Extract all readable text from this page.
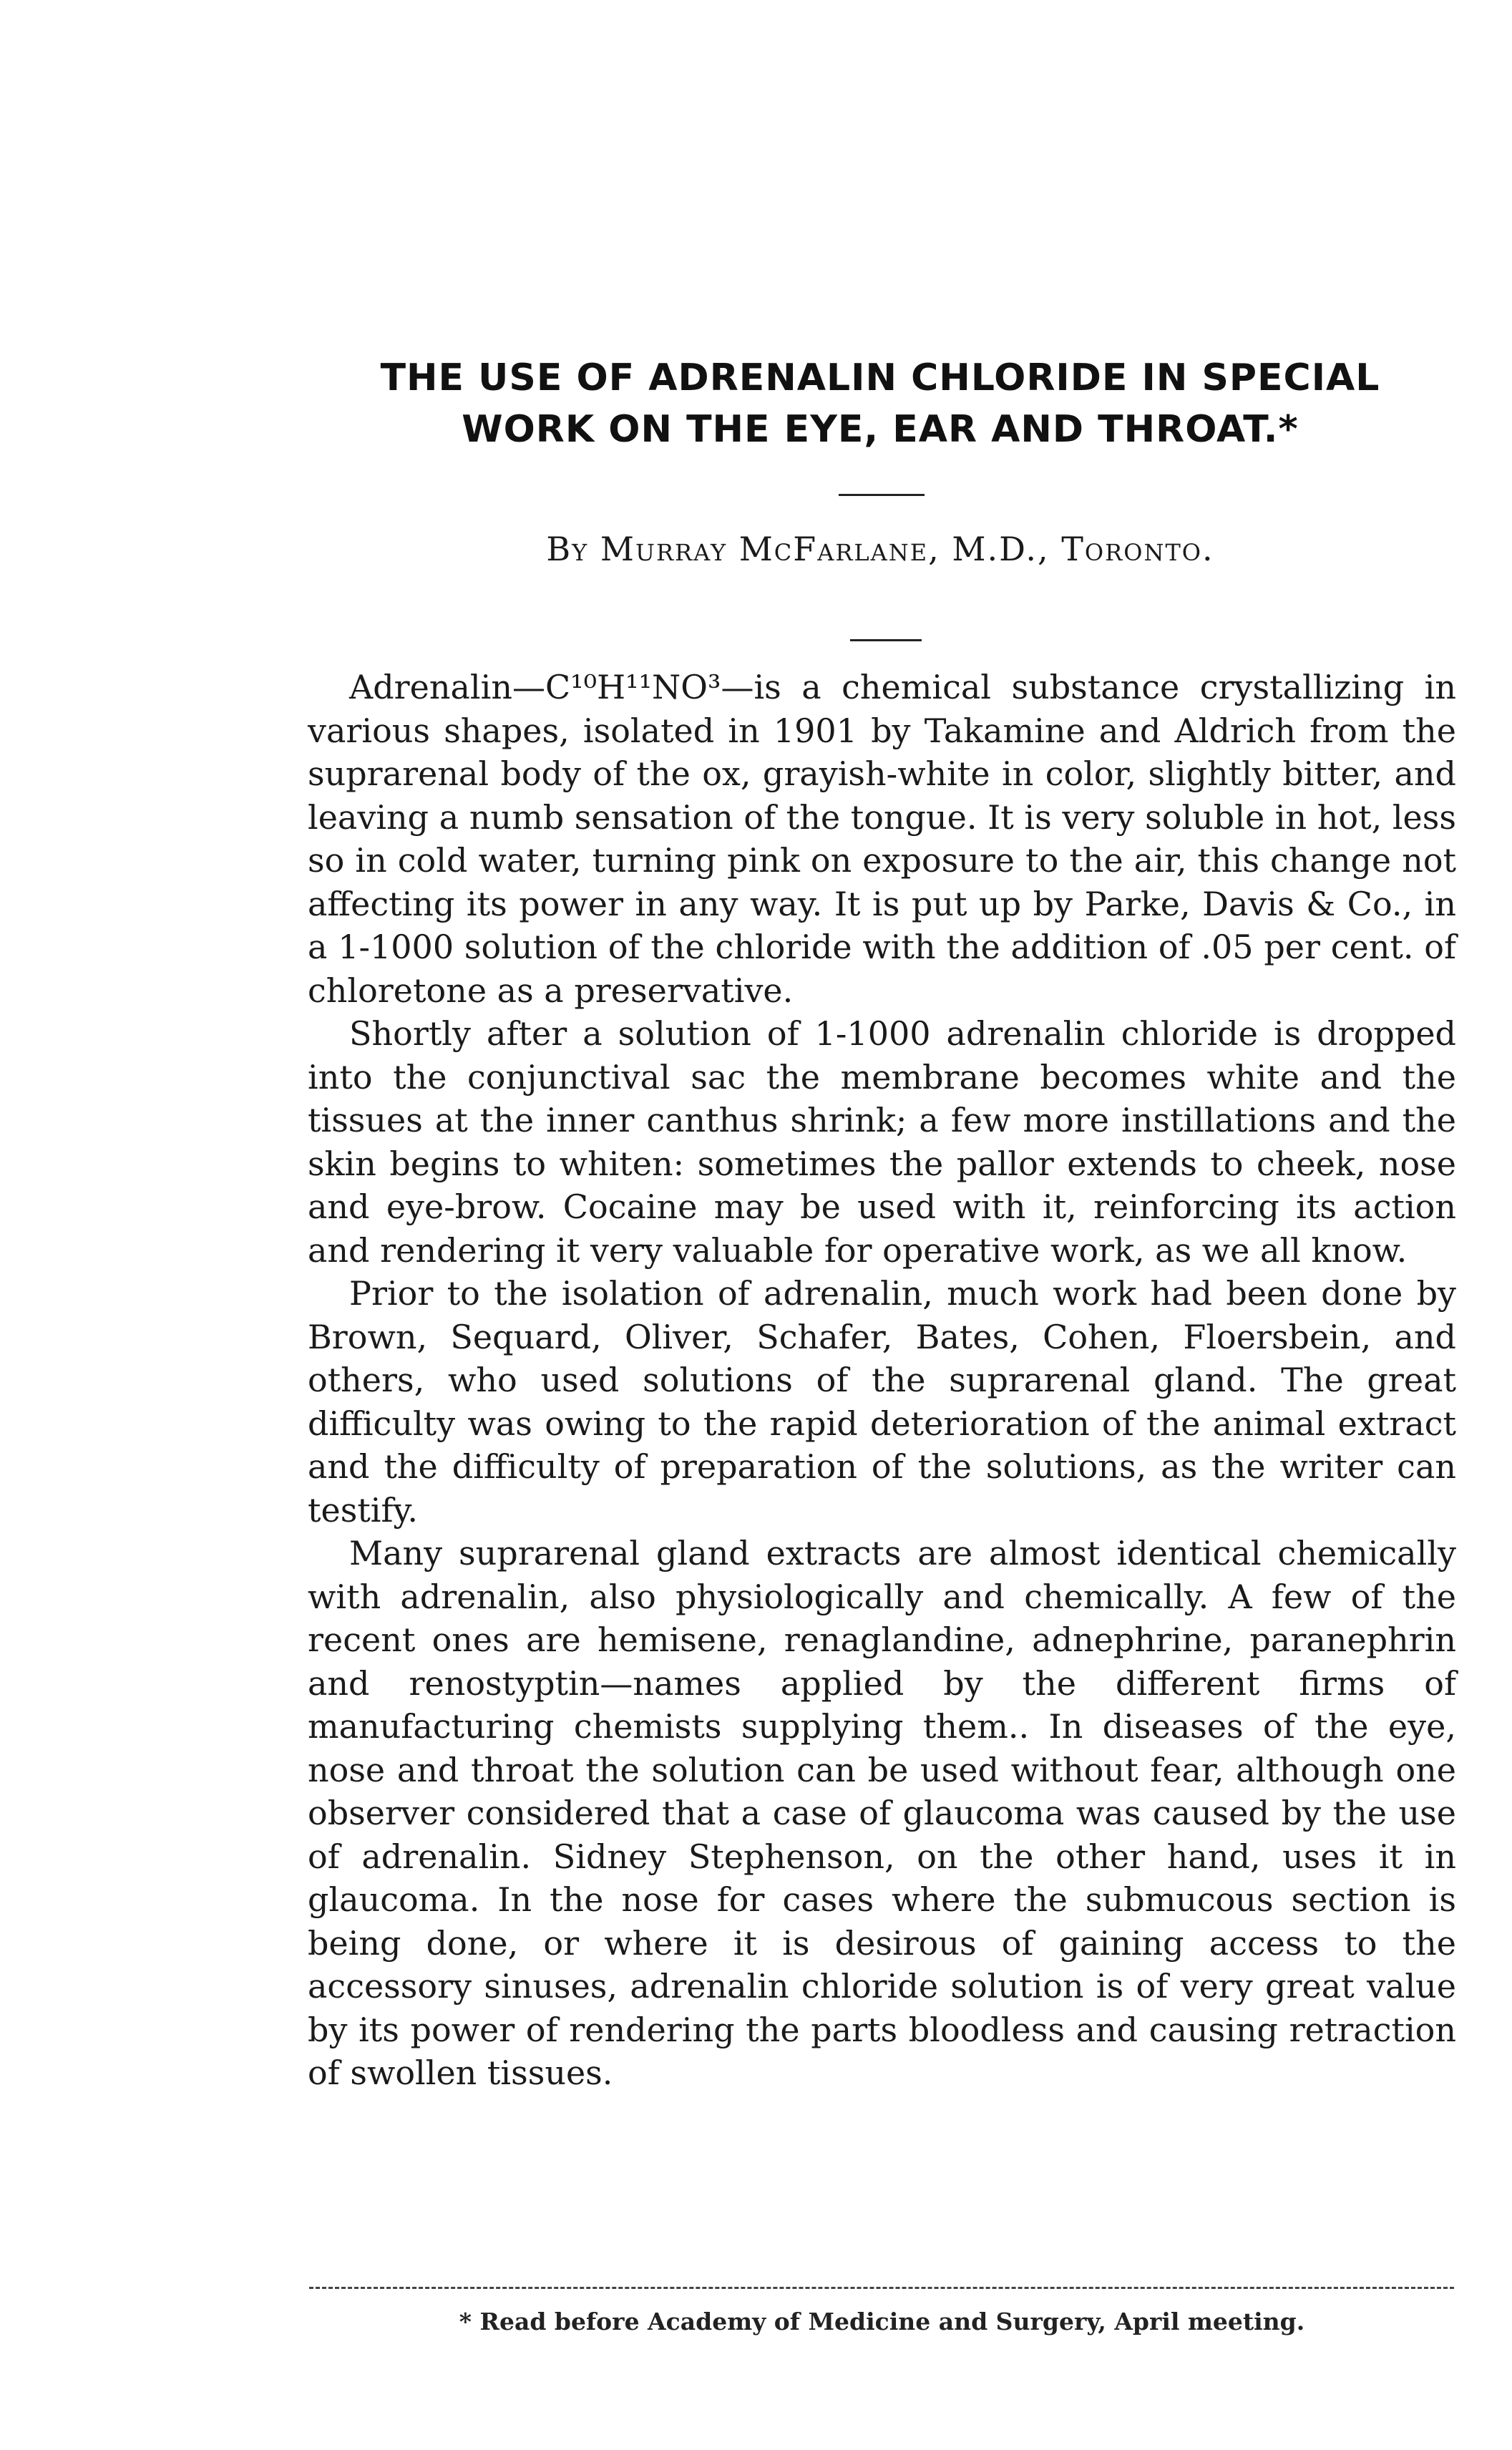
THE USE OF ADRENALIN CHLORIDE IN SPECIAL
WORK ON THE EYE, EAR AND THROAT.*

By Murray McFarlane, M.D., Toronto.

Adrenalin—C¹⁰H¹¹NO³—is a chemical substance crystallizing in various shapes, isolated in 1901 by Takamine and Aldrich from the suprarenal body of the ox, grayish-white in color, slightly bitter, and leaving a numb sensation of the tongue. It is very soluble in hot, less so in cold water, turning pink on exposure to the air, this change not affecting its power in any way. It is put up by Parke, Davis & Co., in a 1-1000 solution of the chloride with the addition of .05 per cent. of chloretone as a preservative.

Shortly after a solution of 1-1000 adrenalin chloride is dropped into the conjunctival sac the membrane becomes white and the tissues at the inner canthus shrink; a few more instillations and the skin begins to whiten: sometimes the pallor extends to cheek, nose and eye-brow. Cocaine may be used with it, reinforcing its action and rendering it very valuable for operative work, as we all know.

Prior to the isolation of adrenalin, much work had been done by Brown, Sequard, Oliver, Schafer, Bates, Cohen, Floersbein, and others, who used solutions of the suprarenal gland. The great difficulty was owing to the rapid deterioration of the animal extract and the difficulty of preparation of the solutions, as the writer can testify.

Many suprarenal gland extracts are almost identical chemically with adrenalin, also physiologically and chemically. A few of the recent ones are hemisene, renaglandine, adnephrine, paranephrin and renostyptin—names applied by the different firms of manufacturing chemists supplying them.. In diseases of the eye, nose and throat the solution can be used without fear, although one observer considered that a case of glaucoma was caused by the use of adrenalin. Sidney Stephenson, on the other hand, uses it in glaucoma. In the nose for cases where the submucous section is being done, or where it is desirous of gaining access to the accessory sinuses, adrenalin chloride solution is of very great value by its power of rendering the parts bloodless and causing retraction of swollen tissues.

* Read before Academy of Medicine and Surgery, April meeting.
